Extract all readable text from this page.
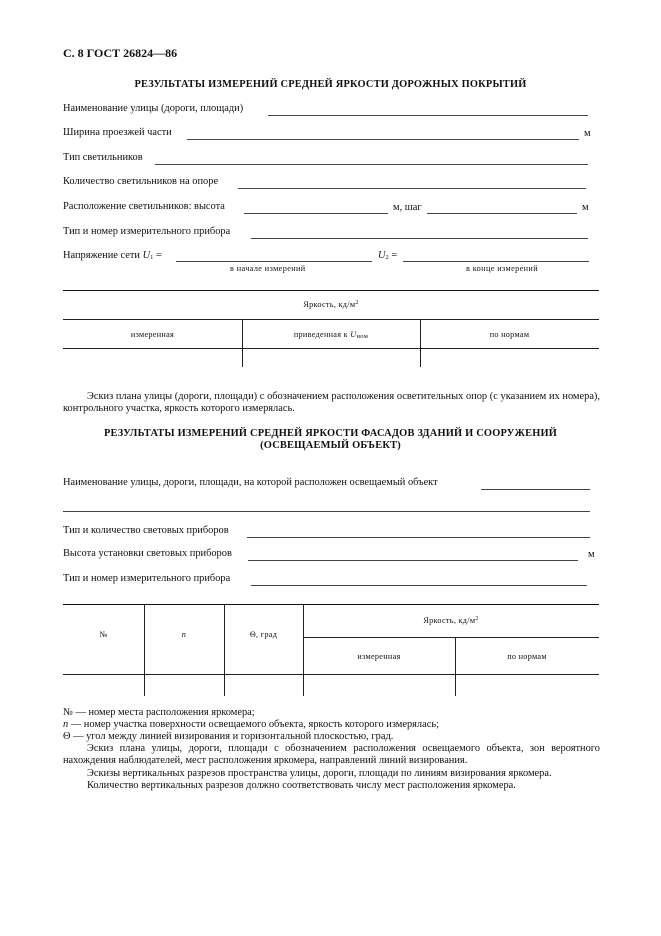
С. 8 ГОСТ 26824—86
РЕЗУЛЬТАТЫ ИЗМЕРЕНИЙ СРЕДНЕЙ ЯРКОСТИ ДОРОЖНЫХ ПОКРЫТИЙ
Наименование улицы (дороги, площади)
Ширина проезжей части	м
Тип светильников
Количество светильников на опоре
Расположение светильников: высота	м, шаг	м
Тип и номер измерительного прибора
Напряжение сети $U_1$ =	$U_2$ =
в начале измерений	в конце измерений
Яркость, $кд/м^2$
измеренная	приведенная к $U_{ном}$	по нормам
Эскиз плана улицы (дороги, площади) с обозначением расположения осветительных опор (с указанием их номера), контрольного участка, яркость которого измерялась.
РЕЗУЛЬТАТЫ ИЗМЕРЕНИЙ СРЕДНЕЙ ЯРКОСТИ ФАСАДОВ ЗДАНИЙ И СООРУЖЕНИЙ
(ОСВЕЩАЕМЫЙ ОБЪЕКТ)
Наименование улицы, дороги, площади, на которой расположен освещаемый объект
Тип и количество световых приборов
Высота установки световых приборов	м
Тип и номер измерительного прибора
№	n	Θ, град
Яркость, $кд/м^2$
измеренная	по нормам
№ — номер места расположения яркомера;
n — номер участка поверхности освещаемого объекта, яркость которого измерялась;
Θ — угол между линией визирования и горизонтальной плоскостью, град.
Эскиз плана улицы, дороги, площади с обозначением расположения освещаемого объекта, зон вероятного нахождения наблюдателей, мест расположения яркомера, направлений линий визирования.
Эскизы вертикальных разрезов пространства улицы, дороги, площади по линиям визирования яркомера.
Количество вертикальных разрезов должно соответствовать числу мест расположения яркомера.
